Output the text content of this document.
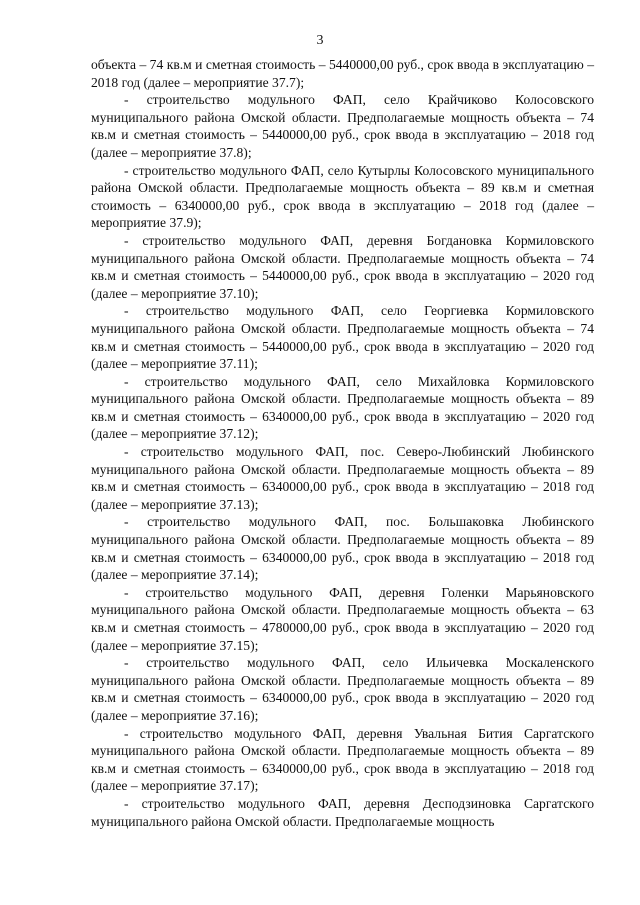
3

объекта – 74 кв.м и сметная стоимость – 5440000,00 руб., срок ввода в эксплуатацию – 2018 год (далее – мероприятие 37.7);

- строительство модульного ФАП, село Крайчиково Колосовского муниципального района Омской области. Предполагаемые мощность объекта – 74 кв.м и сметная стоимость – 5440000,00 руб., срок ввода в эксплуатацию – 2018 год (далее – мероприятие 37.8);

- строительство модульного ФАП, село Кутырлы Колосовского муниципального района Омской области. Предполагаемые мощность объекта – 89 кв.м и сметная стоимость – 6340000,00 руб., срок ввода в эксплуатацию – 2018 год (далее – мероприятие 37.9);

- строительство модульного ФАП, деревня Богдановка Кормиловского муниципального района Омской области. Предполагаемые мощность объекта – 74 кв.м и сметная стоимость – 5440000,00 руб., срок ввода в эксплуатацию – 2020 год (далее – мероприятие 37.10);

- строительство модульного ФАП, село Георгиевка Кормиловского муниципального района Омской области. Предполагаемые мощность объекта – 74 кв.м и сметная стоимость – 5440000,00 руб., срок ввода в эксплуатацию – 2020 год (далее – мероприятие 37.11);

- строительство модульного ФАП, село Михайловка Кормиловского муниципального района Омской области. Предполагаемые мощность объекта – 89 кв.м и сметная стоимость – 6340000,00 руб., срок ввода в эксплуатацию – 2020 год (далее – мероприятие 37.12);

- строительство модульного ФАП, пос. Северо-Любинский Любинского муниципального района Омской области. Предполагаемые мощность объекта – 89 кв.м и сметная стоимость – 6340000,00 руб., срок ввода в эксплуатацию – 2018 год (далее – мероприятие 37.13);

- строительство модульного ФАП, пос. Большаковка Любинского муниципального района Омской области. Предполагаемые мощность объекта – 89 кв.м и сметная стоимость – 6340000,00 руб., срок ввода в эксплуатацию – 2018 год (далее – мероприятие 37.14);

- строительство модульного ФАП, деревня Голенки Марьяновского муниципального района Омской области. Предполагаемые мощность объекта – 63 кв.м и сметная стоимость – 4780000,00 руб., срок ввода в эксплуатацию – 2020 год (далее – мероприятие 37.15);

- строительство модульного ФАП, село Ильичевка Москаленского муниципального района Омской области. Предполагаемые мощность объекта – 89 кв.м и сметная стоимость – 6340000,00 руб., срок ввода в эксплуатацию – 2020 год (далее – мероприятие 37.16);

- строительство модульного ФАП, деревня Увальная Бития Саргатского муниципального района Омской области. Предполагаемые мощность объекта – 89 кв.м и сметная стоимость – 6340000,00 руб., срок ввода в эксплуатацию – 2018 год (далее – мероприятие 37.17);

- строительство модульного ФАП, деревня Десподзиновка Саргатского муниципального района Омской области. Предполагаемые мощность
